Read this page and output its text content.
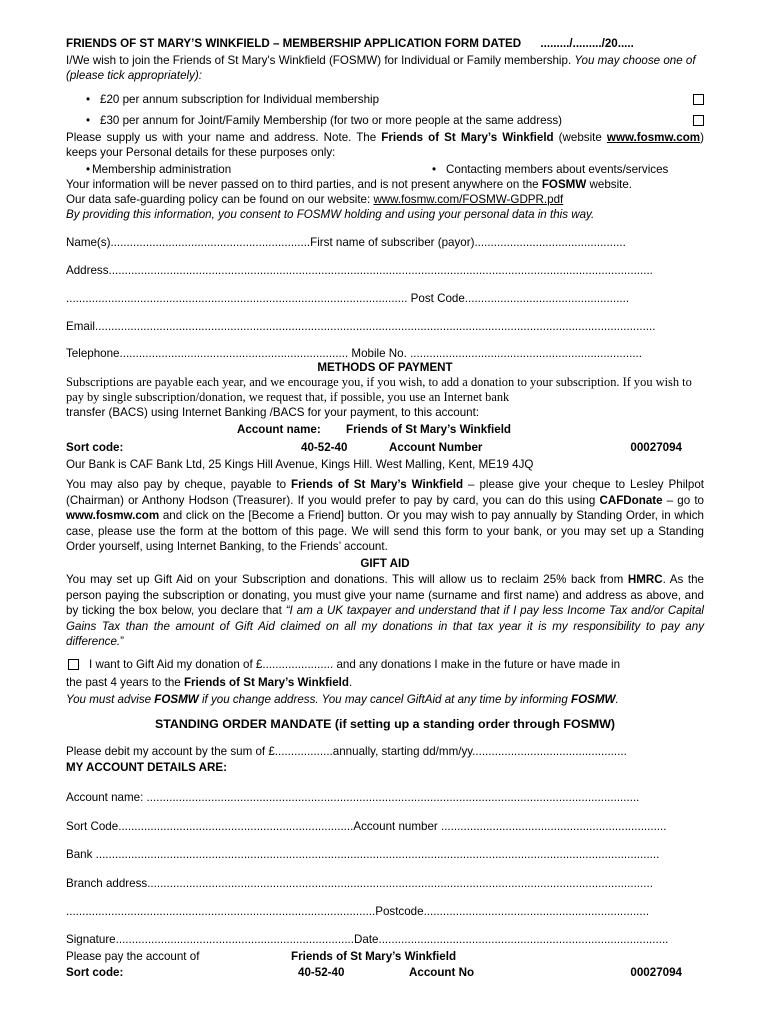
FRIENDS OF ST MARY’S WINKFIELD – MEMBERSHIP APPLICATION FORM DATED ........./........./20.....
I/We wish to join the Friends of St Mary's Winkfield (FOSMW) for Individual or Family membership. You may choose one of (please tick appropriately):
• £20 per annum subscription for Individual membership
• £30 per annum for Joint/Family Membership (for two or more people at the same address)
Please supply us with your name and address. Note. The Friends of St Mary’s Winkfield (website www.fosmw.com) keeps your Personal details for these purposes only:
• Membership administration
•	Contacting members about events/services
Your information will be never passed on to third parties, and is not present anywhere on the FOSMW website.
Our data safe-guarding policy can be found on our website: www.fosmw.com/FOSMW-GDPR.pdf
By providing this information, you consent to FOSMW holding and using your personal data in this way.
Name(s)..............................................................First name of subscriber (payor)...............................................
Address.........................................................................................................................................................................
.......................................................................................................... Post Code...................................................
Email..............................................................................................................................................................................
Telephone....................................................................... Mobile No. ........................................................................
METHODS OF PAYMENT
Subscriptions are payable each year, and we encourage you, if you wish, to add a donation to your subscription. If you wish to pay by single subscription/donation, we request that, if possible, you use an Internet bank
transfer (BACS) using Internet Banking /BACS for your payment, to this account:
Account name: Friends of St Mary’s Winkfield
Sort code:	40-52-40	Account Number	00027094
Our Bank is CAF Bank Ltd, 25 Kings Hill Avenue, Kings Hill. West Malling, Kent, ME19 4JQ
You may also pay by cheque, payable to Friends of St Mary’s Winkfield – please give your cheque to Lesley Philpot (Chairman) or Anthony Hodson (Treasurer). If you would prefer to pay by card, you can do this using CAFDonate – go to www.fosmw.com and click on the [Become a Friend] button. Or you may wish to pay annually by Standing Order, in which case, please use the form at the bottom of this page. We will send this form to your bank, or you may set up a Standing Order yourself, using Internet Banking, to the Friends’ account.
GIFT AID
You may set up Gift Aid on your Subscription and donations. This will allow us to reclaim 25% back from HMRC. As the person paying the subscription or donating, you must give your name (surname and first name) and address as above, and by ticking the box below, you declare that “I am a UK taxpayer and understand that if I pay less Income Tax and/or Capital Gains Tax than the amount of Gift Aid claimed on all my donations in that tax year it is my responsibility to pay any difference.”
I want to Gift Aid my donation of £...................... and any donations I make in the future or have made in
the past 4 years to the Friends of St Mary’s Winkfield.
You must advise FOSMW if you change address. You may cancel GiftAid at any time by informing FOSMW.
STANDING ORDER MANDATE (if setting up a standing order through FOSMW)
Please debit my account by the sum of £..................annually, starting dd/mm/yy................................................
MY ACCOUNT DETAILS ARE:
Account name: .........................................................................................................................................................
Sort Code.........................................................................Account number ......................................................................
Bank ...............................................................................................................................................................................
Branch address.............................................................................................................................................................
................................................................................................Postcode......................................................................
Signature..........................................................................Date..........................................................................................
Please pay the account of	Friends of St Mary’s Winkfield
Sort code:	40-52-40	Account No	00027094
